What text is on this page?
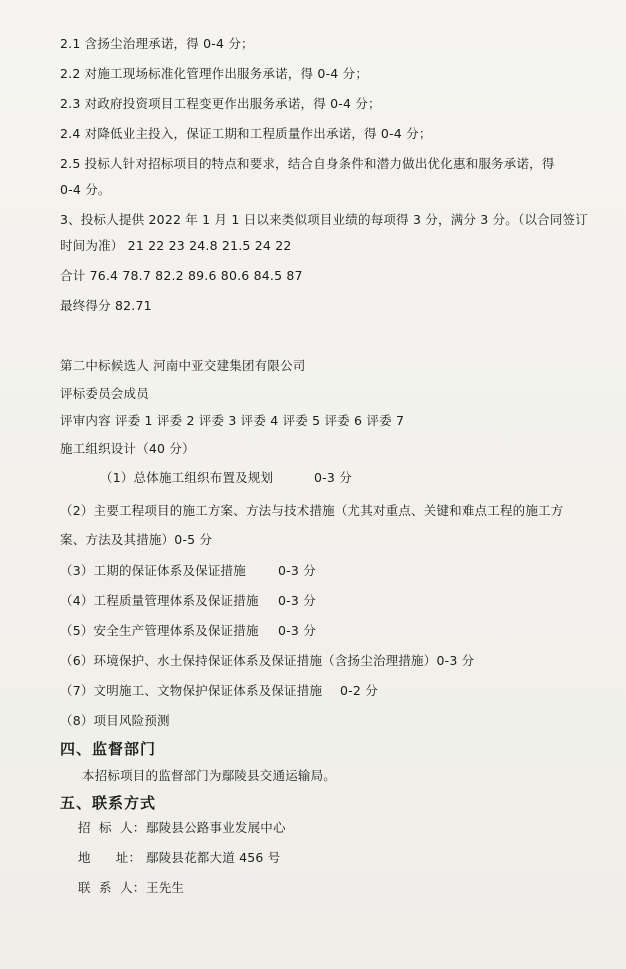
2.1 含扬尘治理承诺，得 0-4 分；
2.2 对施工现场标准化管理作出服务承诺，得 0-4 分；
2.3 对政府投资项目工程变更作出服务承诺，得 0-4 分；
2.4 对降低业主投入，保证工期和工程质量作出承诺，得 0-4 分；
2.5 投标人针对招标项目的特点和要求，结合自身条件和潜力做出优化惠和服务承诺，得
0-4 分。
3、投标人提供 2022 年 1 月 1 日以来类似项目业绩的每项得 3 分，满分 3 分。（以合同签订
时间为准） 21 22 23 24.8 21.5 24 22
合计 76.4 78.7 82.2 89.6 80.6 84.5 87
最终得分 82.71
第二中标候选人 河南中亚交建集团有限公司
评标委员会成员
评审内容 评委 1 评委 2 评委 3 评委 4 评委 5 评委 6 评委 7
施工组织设计（40 分）
（1）总体施工组织布置及规划	0-3 分
（2）主要工程项目的施工方案、方法与技术措施（尤其对重点、关键和难点工程的施工方
案、方法及其措施）0-5 分
（3）工期的保证体系及保证措施	0-3 分
（4）工程质量管理体系及保证措施 0-3 分
（5）安全生产管理体系及保证措施 0-3 分
（6）环境保护、水土保持保证体系及保证措施（含扬尘治理措施）0-3 分
（7）文明施工、文物保护保证体系及保证措施 0-2 分
（8）项目风险预测
四、监督部门
本招标项目的监督部门为鄢陵县交通运输局。
五、联系方式
招  标  人： 鄢陵县公路事业发展中心
地      址： 鄢陵县花都大道 456 号
联  系  人： 王先生
